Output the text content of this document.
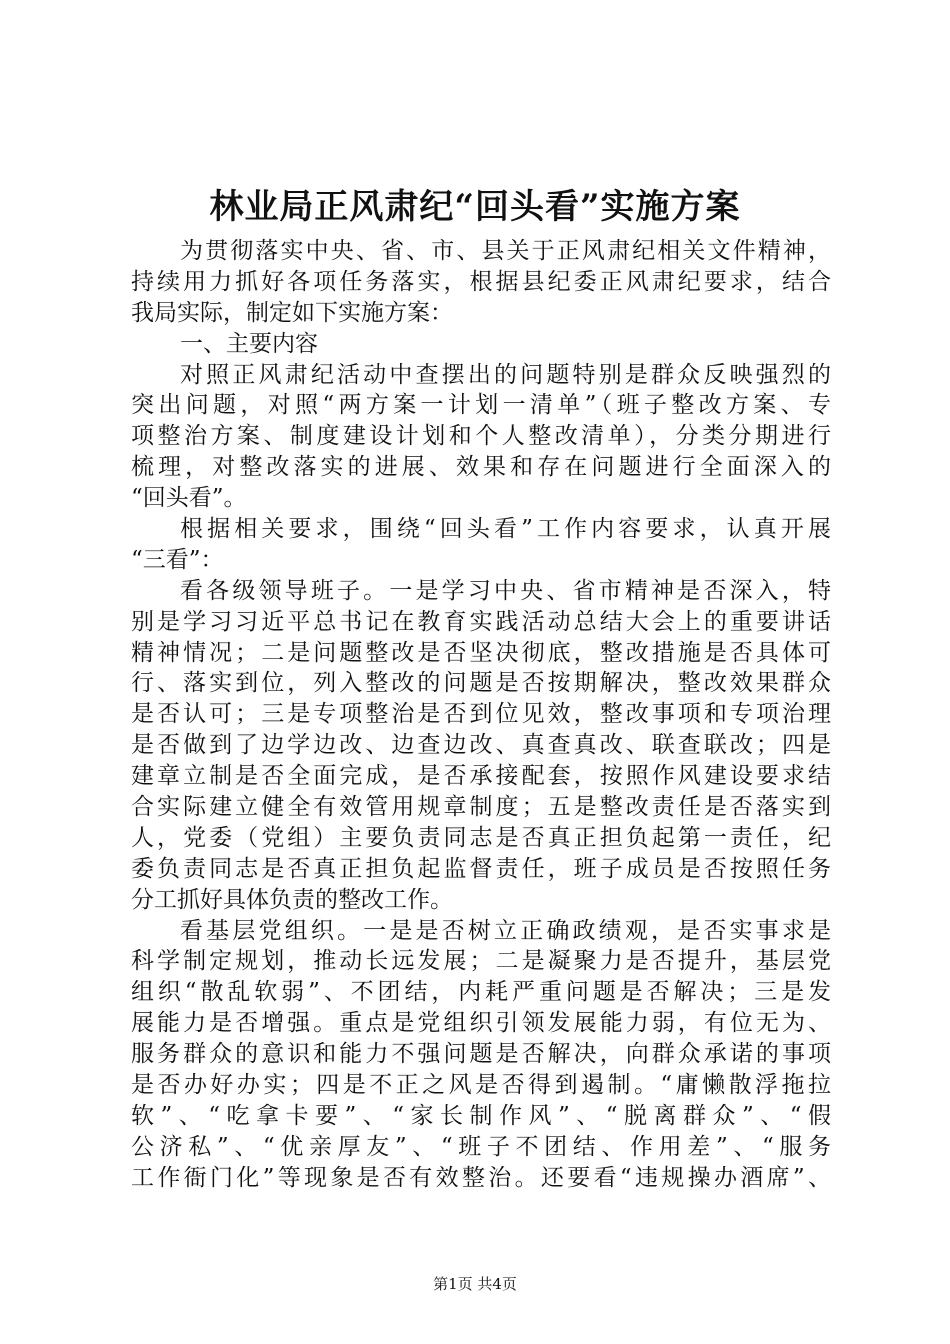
林业局正风肃纪“回头看”实施方案
为贯彻落实中央、省、市、县关于正风肃纪相关文件精神，
持续用力抓好各项任务落实，根据县纪委正风肃纪要求，结合
我局实际，制定如下实施方案：
一、主要内容
对照正风肃纪活动中查摆出的问题特别是群众反映强烈的
突出问题，对照“两方案一计划一清单”（班子整改方案、专
项整治方案、制度建设计划和个人整改清单），分类分期进行
梳理，对整改落实的进展、效果和存在问题进行全面深入的
“回头看”。
根据相关要求，围绕“回头看”工作内容要求，认真开展
“三看”：
看各级领导班子。一是学习中央、省市精神是否深入，特
别是学习习近平总书记在教育实践活动总结大会上的重要讲话
精神情况；二是问题整改是否坚决彻底，整改措施是否具体可
行、落实到位，列入整改的问题是否按期解决，整改效果群众
是否认可；三是专项整治是否到位见效，整改事项和专项治理
是否做到了边学边改、边查边改、真查真改、联查联改；四是
建章立制是否全面完成，是否承接配套，按照作风建设要求结
合实际建立健全有效管用规章制度；五是整改责任是否落实到
人，党委（党组）主要负责同志是否真正担负起第一责任，纪
委负责同志是否真正担负起监督责任，班子成员是否按照任务
分工抓好具体负责的整改工作。
看基层党组织。一是是否树立正确政绩观，是否实事求是
科学制定规划，推动长远发展；二是凝聚力是否提升，基层党
组织“散乱软弱”、不团结，内耗严重问题是否解决；三是发
展能力是否增强。重点是党组织引领发展能力弱，有位无为、
服务群众的意识和能力不强问题是否解决，向群众承诺的事项
是否办好办实；四是不正之风是否得到遏制。“庸懒散浮拖拉
软”、“吃拿卡要”、“家长制作风”、“脱离群众”、“假
公济私”、“优亲厚友”、“班子不团结、作用差”、“服务
工作衙门化”等现象是否有效整治。还要看“违规操办酒席”、
第1页 共4页
